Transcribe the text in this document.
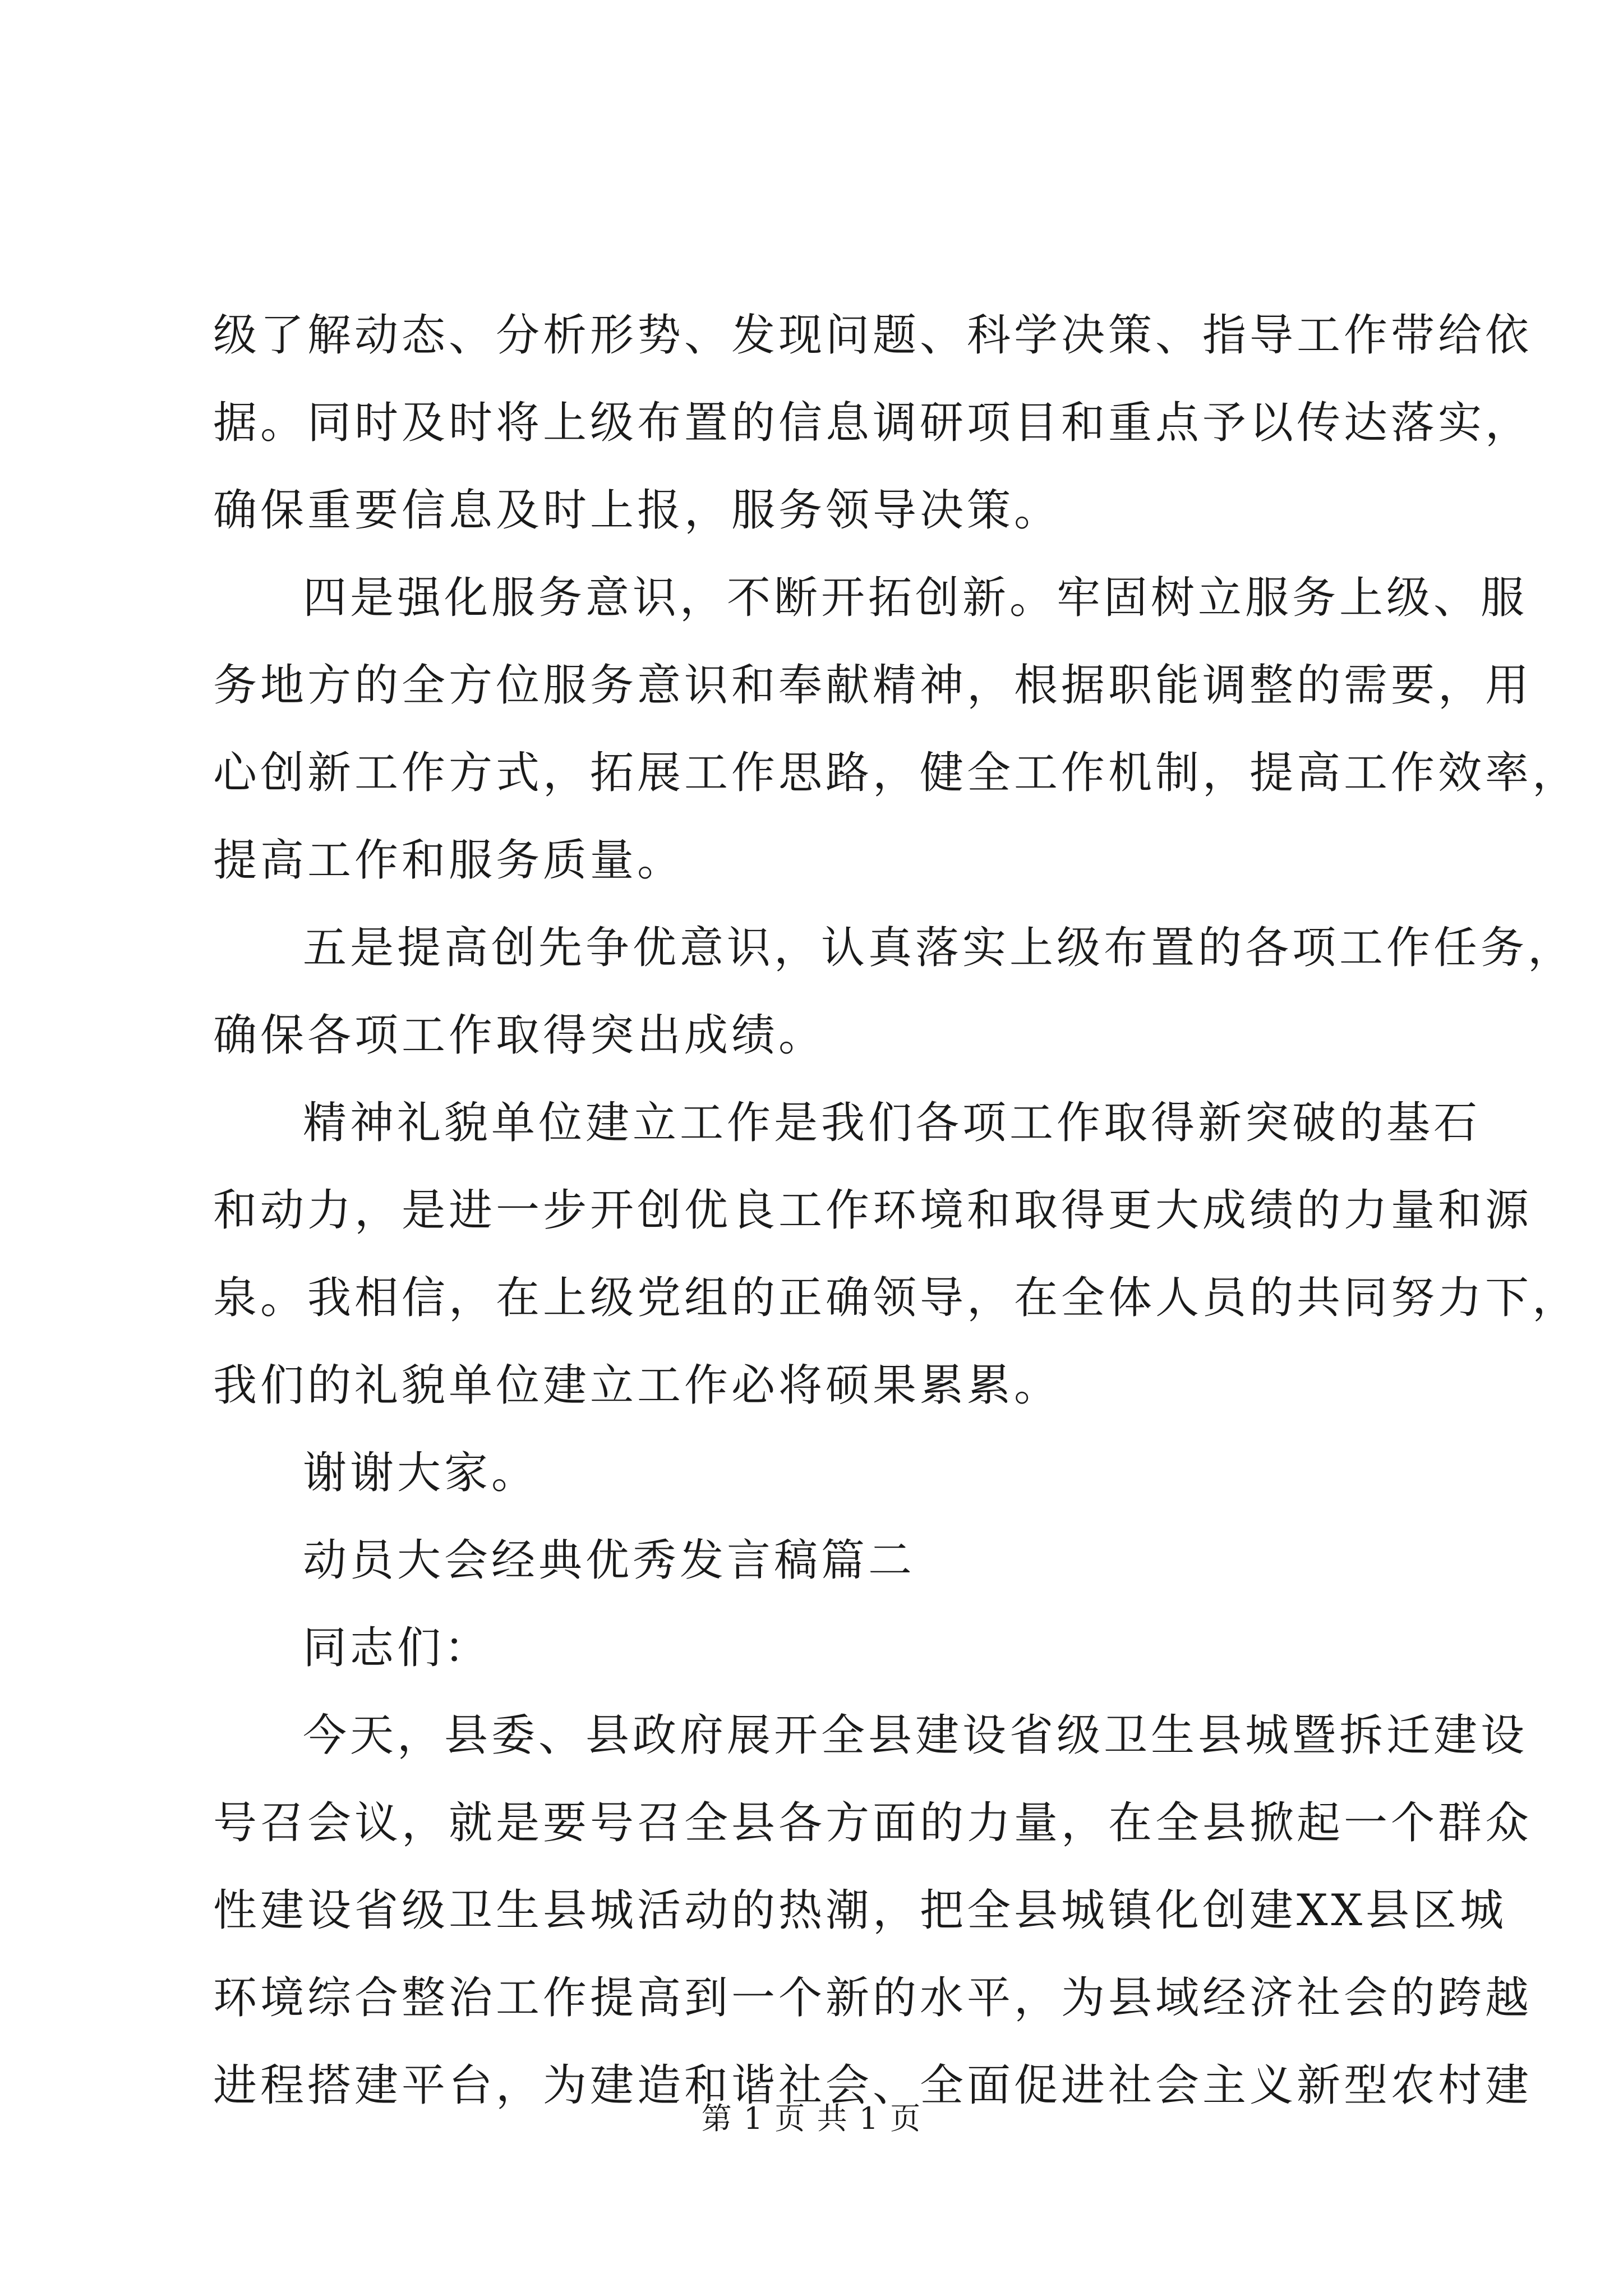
级了解动态、分析形势、发现问题、科学决策、指导工作带给依
据。同时及时将上级布置的信息调研项目和重点予以传达落实，
确保重要信息及时上报，服务领导决策。
四是强化服务意识，不断开拓创新。牢固树立服务上级、服
务地方的全方位服务意识和奉献精神，根据职能调整的需要，用
心创新工作方式，拓展工作思路，健全工作机制，提高工作效率，
提高工作和服务质量。
五是提高创先争优意识，认真落实上级布置的各项工作任务，
确保各项工作取得突出成绩。
精神礼貌单位建立工作是我们各项工作取得新突破的基石
和动力，是进一步开创优良工作环境和取得更大成绩的力量和源
泉。我相信，在上级党组的正确领导，在全体人员的共同努力下，
我们的礼貌单位建立工作必将硕果累累。
谢谢大家。
动员大会经典优秀发言稿篇二
同志们：
今天，县委、县政府展开全县建设省级卫生县城暨拆迁建设
号召会议，就是要号召全县各方面的力量，在全县掀起一个群众
性建设省级卫生县城活动的热潮，把全县城镇化创建XX县区城
环境综合整治工作提高到一个新的水平，为县域经济社会的跨越
进程搭建平台，为建造和谐社会、全面促进社会主义新型农村建
第 1 页 共 1 页
